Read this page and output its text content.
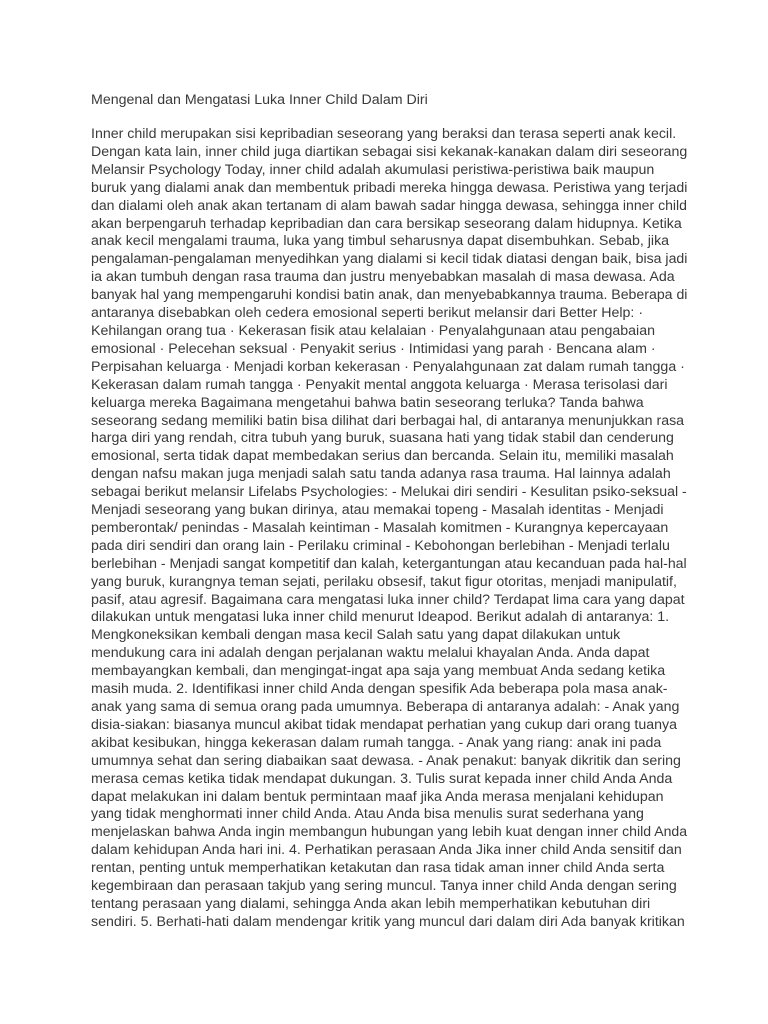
Mengenal dan Mengatasi Luka Inner Child Dalam Diri
Inner child merupakan sisi kepribadian seseorang yang beraksi dan terasa seperti anak kecil.
Dengan kata lain, inner child juga diartikan sebagai sisi kekanak-kanakan dalam diri seseorang
Melansir Psychology Today, inner child adalah akumulasi peristiwa-peristiwa baik maupun
buruk yang dialami anak dan membentuk pribadi mereka hingga dewasa. Peristiwa yang terjadi
dan dialami oleh anak akan tertanam di alam bawah sadar hingga dewasa, sehingga inner child
akan berpengaruh terhadap kepribadian dan cara bersikap seseorang dalam hidupnya. Ketika
anak kecil mengalami trauma, luka yang timbul seharusnya dapat disembuhkan. Sebab, jika
pengalaman-pengalaman menyedihkan yang dialami si kecil tidak diatasi dengan baik, bisa jadi
ia akan tumbuh dengan rasa trauma dan justru menyebabkan masalah di masa dewasa. Ada
banyak hal yang mempengaruhi kondisi batin anak, dan menyebabkannya trauma. Beberapa di
antaranya disebabkan oleh cedera emosional seperti berikut melansir dari Better Help: ·
Kehilangan orang tua · Kekerasan fisik atau kelalaian · Penyalahgunaan atau pengabaian
emosional · Pelecehan seksual · Penyakit serius · Intimidasi yang parah · Bencana alam ·
Perpisahan keluarga · Menjadi korban kekerasan · Penyalahgunaan zat dalam rumah tangga ·
Kekerasan dalam rumah tangga · Penyakit mental anggota keluarga · Merasa terisolasi dari
keluarga mereka Bagaimana mengetahui bahwa batin seseorang terluka? Tanda bahwa
seseorang sedang memiliki batin bisa dilihat dari berbagai hal, di antaranya menunjukkan rasa
harga diri yang rendah, citra tubuh yang buruk, suasana hati yang tidak stabil dan cenderung
emosional, serta tidak dapat membedakan serius dan bercanda. Selain itu, memiliki masalah
dengan nafsu makan juga menjadi salah satu tanda adanya rasa trauma. Hal lainnya adalah
sebagai berikut melansir Lifelabs Psychologies: - Melukai diri sendiri - Kesulitan psiko-seksual -
Menjadi seseorang yang bukan dirinya, atau memakai topeng - Masalah identitas - Menjadi
pemberontak/ penindas - Masalah keintiman - Masalah komitmen - Kurangnya kepercayaan
pada diri sendiri dan orang lain - Perilaku criminal - Kebohongan berlebihan - Menjadi terlalu
berlebihan - Menjadi sangat kompetitif dan kalah, ketergantungan atau kecanduan pada hal-hal
yang buruk, kurangnya teman sejati, perilaku obsesif, takut figur otoritas, menjadi manipulatif,
pasif, atau agresif. Bagaimana cara mengatasi luka inner child? Terdapat lima cara yang dapat
dilakukan untuk mengatasi luka inner child menurut Ideapod. Berikut adalah di antaranya: 1.
Mengkoneksikan kembali dengan masa kecil Salah satu yang dapat dilakukan untuk
mendukung cara ini adalah dengan perjalanan waktu melalui khayalan Anda. Anda dapat
membayangkan kembali, dan mengingat-ingat apa saja yang membuat Anda sedang ketika
masih muda. 2. Identifikasi inner child Anda dengan spesifik Ada beberapa pola masa anak-
anak yang sama di semua orang pada umumnya. Beberapa di antaranya adalah: - Anak yang
disia-siakan: biasanya muncul akibat tidak mendapat perhatian yang cukup dari orang tuanya
akibat kesibukan, hingga kekerasan dalam rumah tangga. - Anak yang riang: anak ini pada
umumnya sehat dan sering diabaikan saat dewasa. - Anak penakut: banyak dikritik dan sering
merasa cemas ketika tidak mendapat dukungan. 3. Tulis surat kepada inner child Anda Anda
dapat melakukan ini dalam bentuk permintaan maaf jika Anda merasa menjalani kehidupan
yang tidak menghormati inner child Anda. Atau Anda bisa menulis surat sederhana yang
menjelaskan bahwa Anda ingin membangun hubungan yang lebih kuat dengan inner child Anda
dalam kehidupan Anda hari ini. 4. Perhatikan perasaan Anda Jika inner child Anda sensitif dan
rentan, penting untuk memperhatikan ketakutan dan rasa tidak aman inner child Anda serta
kegembiraan dan perasaan takjub yang sering muncul. Tanya inner child Anda dengan sering
tentang perasaan yang dialami, sehingga Anda akan lebih memperhatikan kebutuhan diri
sendiri. 5. Berhati-hati dalam mendengar kritik yang muncul dari dalam diri Ada banyak kritikan
